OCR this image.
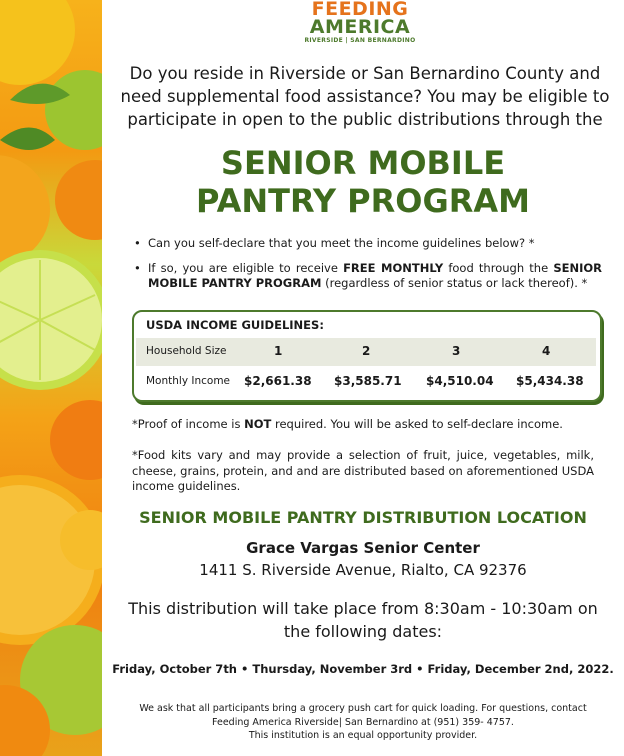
FEEDING
AMERICA
RIVERSIDE | SAN BERNARDINO
Do you reside in Riverside or San Bernardino County and need supplemental food assistance? You may be eligible to participate in open to the public distributions through the
SENIOR MOBILE
PANTRY PROGRAM
• Can you self-declare that you meet the income guidelines below? *
• If so, you are eligible to receive FREE MONTHLY food through the SENIOR MOBILE PANTRY PROGRAM (regardless of senior status or lack thereof). *
USDA INCOME GUIDELINES:
Household Size	1	2	3	4
Monthly Income $2,661.38 $3,585.71 $4,510.04 $5,434.38
*Proof of income is NOT required. You will be asked to self-declare income.
*Food kits vary and may provide a selection of fruit, juice, vegetables, milk, cheese, grains, protein, and and are distributed based on aforementioned USDA income guidelines.
SENIOR MOBILE PANTRY DISTRIBUTION LOCATION
Grace Vargas Senior Center
1411 S. Riverside Avenue, Rialto, CA 92376
This distribution will take place from 8:30am - 10:30am on the following dates:
Friday, October 7th • Thursday, November 3rd • Friday, December 2nd, 2022.
We ask that all participants bring a grocery push cart for quick loading. For questions, contact
Feeding America Riverside| San Bernardino at (951) 359- 4757.
This institution is an equal opportunity provider.
